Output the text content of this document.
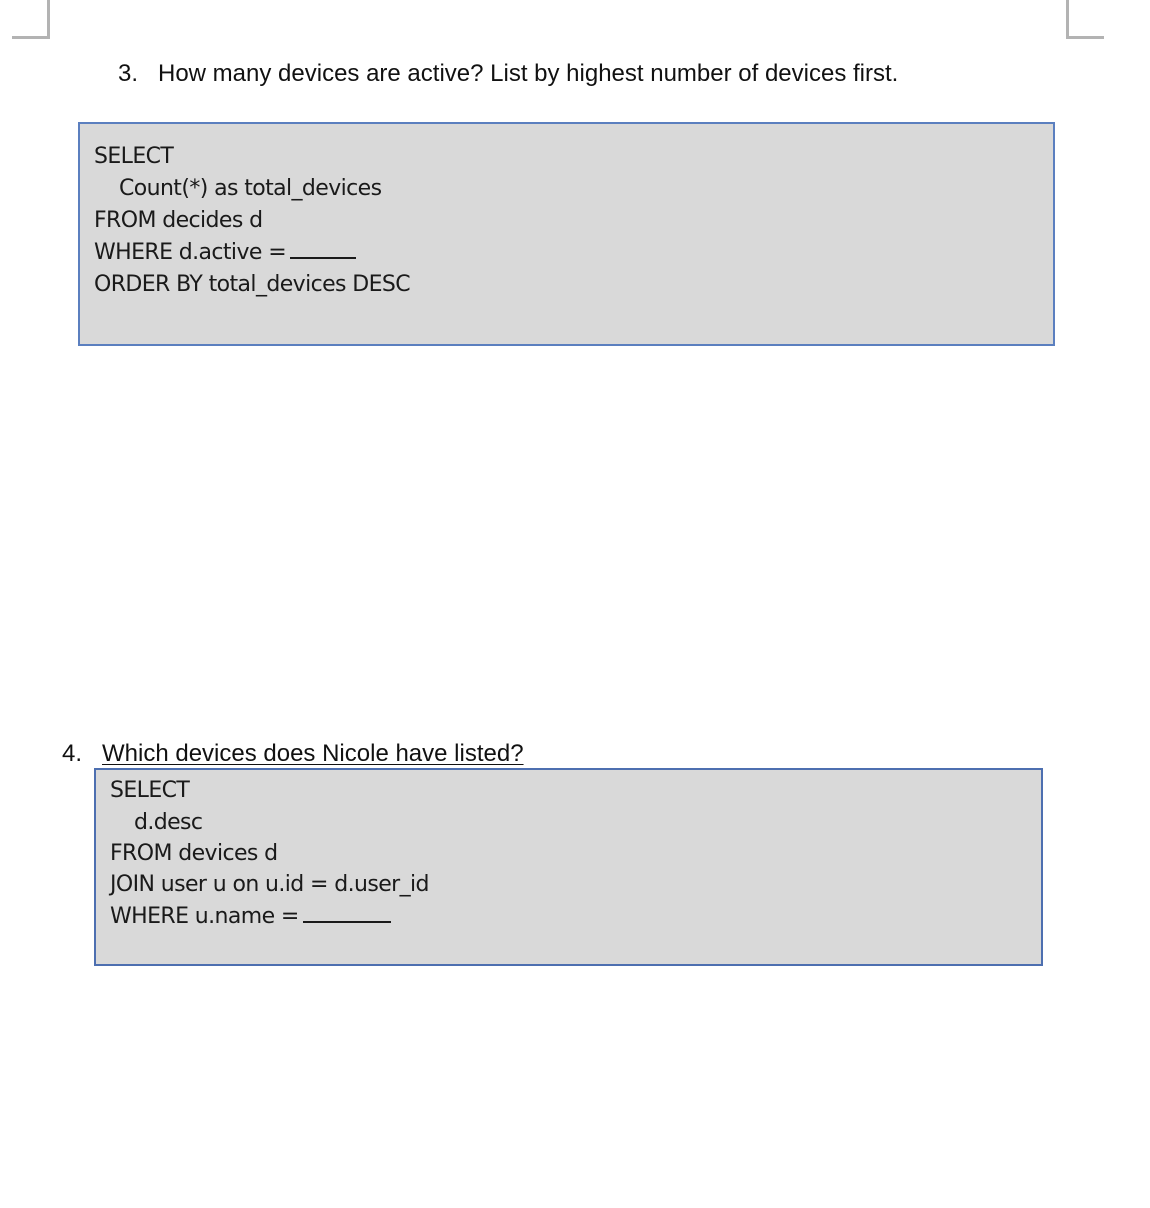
3. How many devices are active? List by highest number of devices first.
SELECT
Count(*) as total_devices
FROM decides d
WHERE d.active =
ORDER BY total_devices DESC
4. Which devices does Nicole have listed?
SELECT
d.desc
FROM devices d
JOIN user u on u.id = d.user_id
WHERE u.name =
